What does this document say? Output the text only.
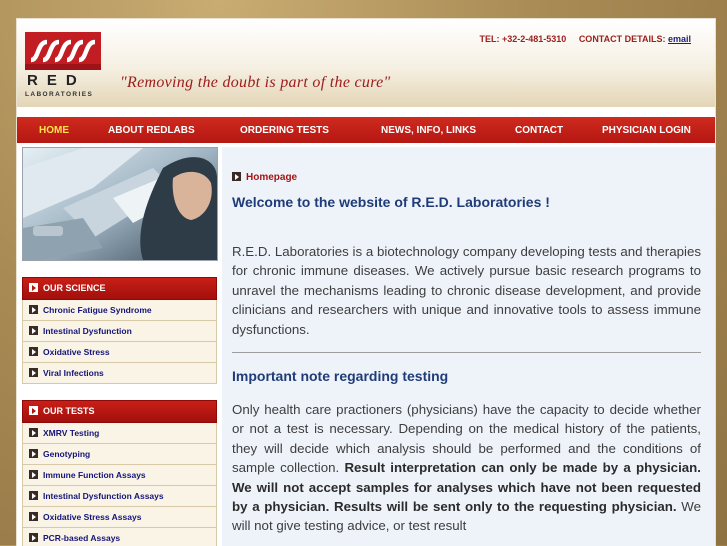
RED
LABORATORIES
"Removing the doubt is part of the cure"
TEL: +32-2-481-5310 CONTACT DETAILS: email
HOME	ABOUT REDLABS	ORDERING TESTS	NEWS, INFO, LINKS	CONTACT	PHYSICIAN LOGIN
OUR SCIENCE
Chronic Fatigue Syndrome
Intestinal Dysfunction
Oxidative Stress
Viral Infections
OUR TESTS
XMRV Testing
Genotyping
Immune Function Assays
Intestinal Dysfunction Assays
Oxidative Stress Assays
PCR-based Assays
Homepage
Welcome to the website of R.E.D. Laboratories !
R.E.D. Laboratories is a biotechnology company developing tests and therapies for chronic immune diseases. We actively pursue basic research programs to unravel the mechanisms leading to chronic disease development, and provide clinicians and researchers with unique and innovative tools to assess immune dysfunctions.
Important note regarding testing
Only health care practioners (physicians) have the capacity to decide whether or not a test is necessary. Depending on the medical history of the patients, they will decide which analysis should be performed and the conditions of sample collection. Result interpretation can only be made by a physician. We will not accept samples for analyses which have not been requested by a physician. Results will be sent only to the requesting physician. We will not give testing advice, or test result
